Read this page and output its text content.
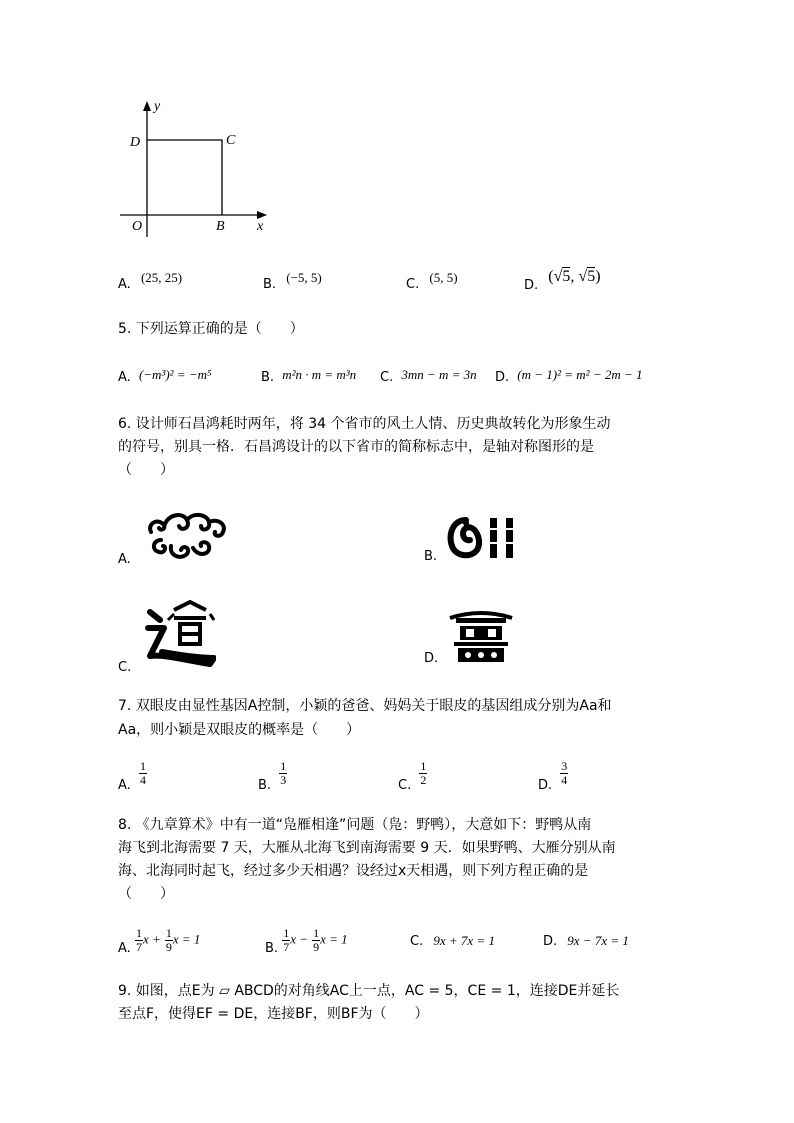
y
x
D	C
O	B
A. (25, 25)	B. (−5, 5)	C. (5, 5)
D. (√5, √5)
5. 下列运算正确的是（　　）
A. (−m³)² = −m⁵	B. m²n · m = m³n C. 3mn − m = 3n D. (m − 1)² = m² − 2m − 1
6. 设计师石昌鸿耗时两年，将 34 个省市的风土人情、历史典故转化为形象生动
的符号，别具一格．石昌鸿设计的以下省市的简称标志中，是轴对称图形的是
（　　）
A.	B.
C.
D.
7. 双眼皮由显性基因A控制，小颖的爸爸、妈妈关于眼皮的基因组成分别为Aa和
Aa，则小颖是双眼皮的概率是（　　）
A. $\frac{1}{4}$	B. $\frac{1}{3}$	C. $\frac{1}{2}$	D. $\frac{3}{4}$
8. 《九章算术》中有一道“凫雁相逢”问题（凫：野鸭），大意如下：野鸭从南
海飞到北海需要 7 天，大雁从北海飞到南海需要 9 天．如果野鸭、大雁分别从南
海、北海同时起飞，经过多少天相遇？设经过x天相遇，则下列方程正确的是
（　　）
A. $\frac{1}{7}$ $x + \frac{1}{9}$ x = 1
B. $\frac{1}{7}$ $x - \frac{1}{9}$ x = 1	C. 9x + 7x = 1	D. 9x − 7x = 1
9. 如图，点E为 ▱ ABCD的对角线AC上一点，AC = 5，CE = 1，连接DE并延长
至点F，使得EF = DE，连接BF，则BF为（　　）
